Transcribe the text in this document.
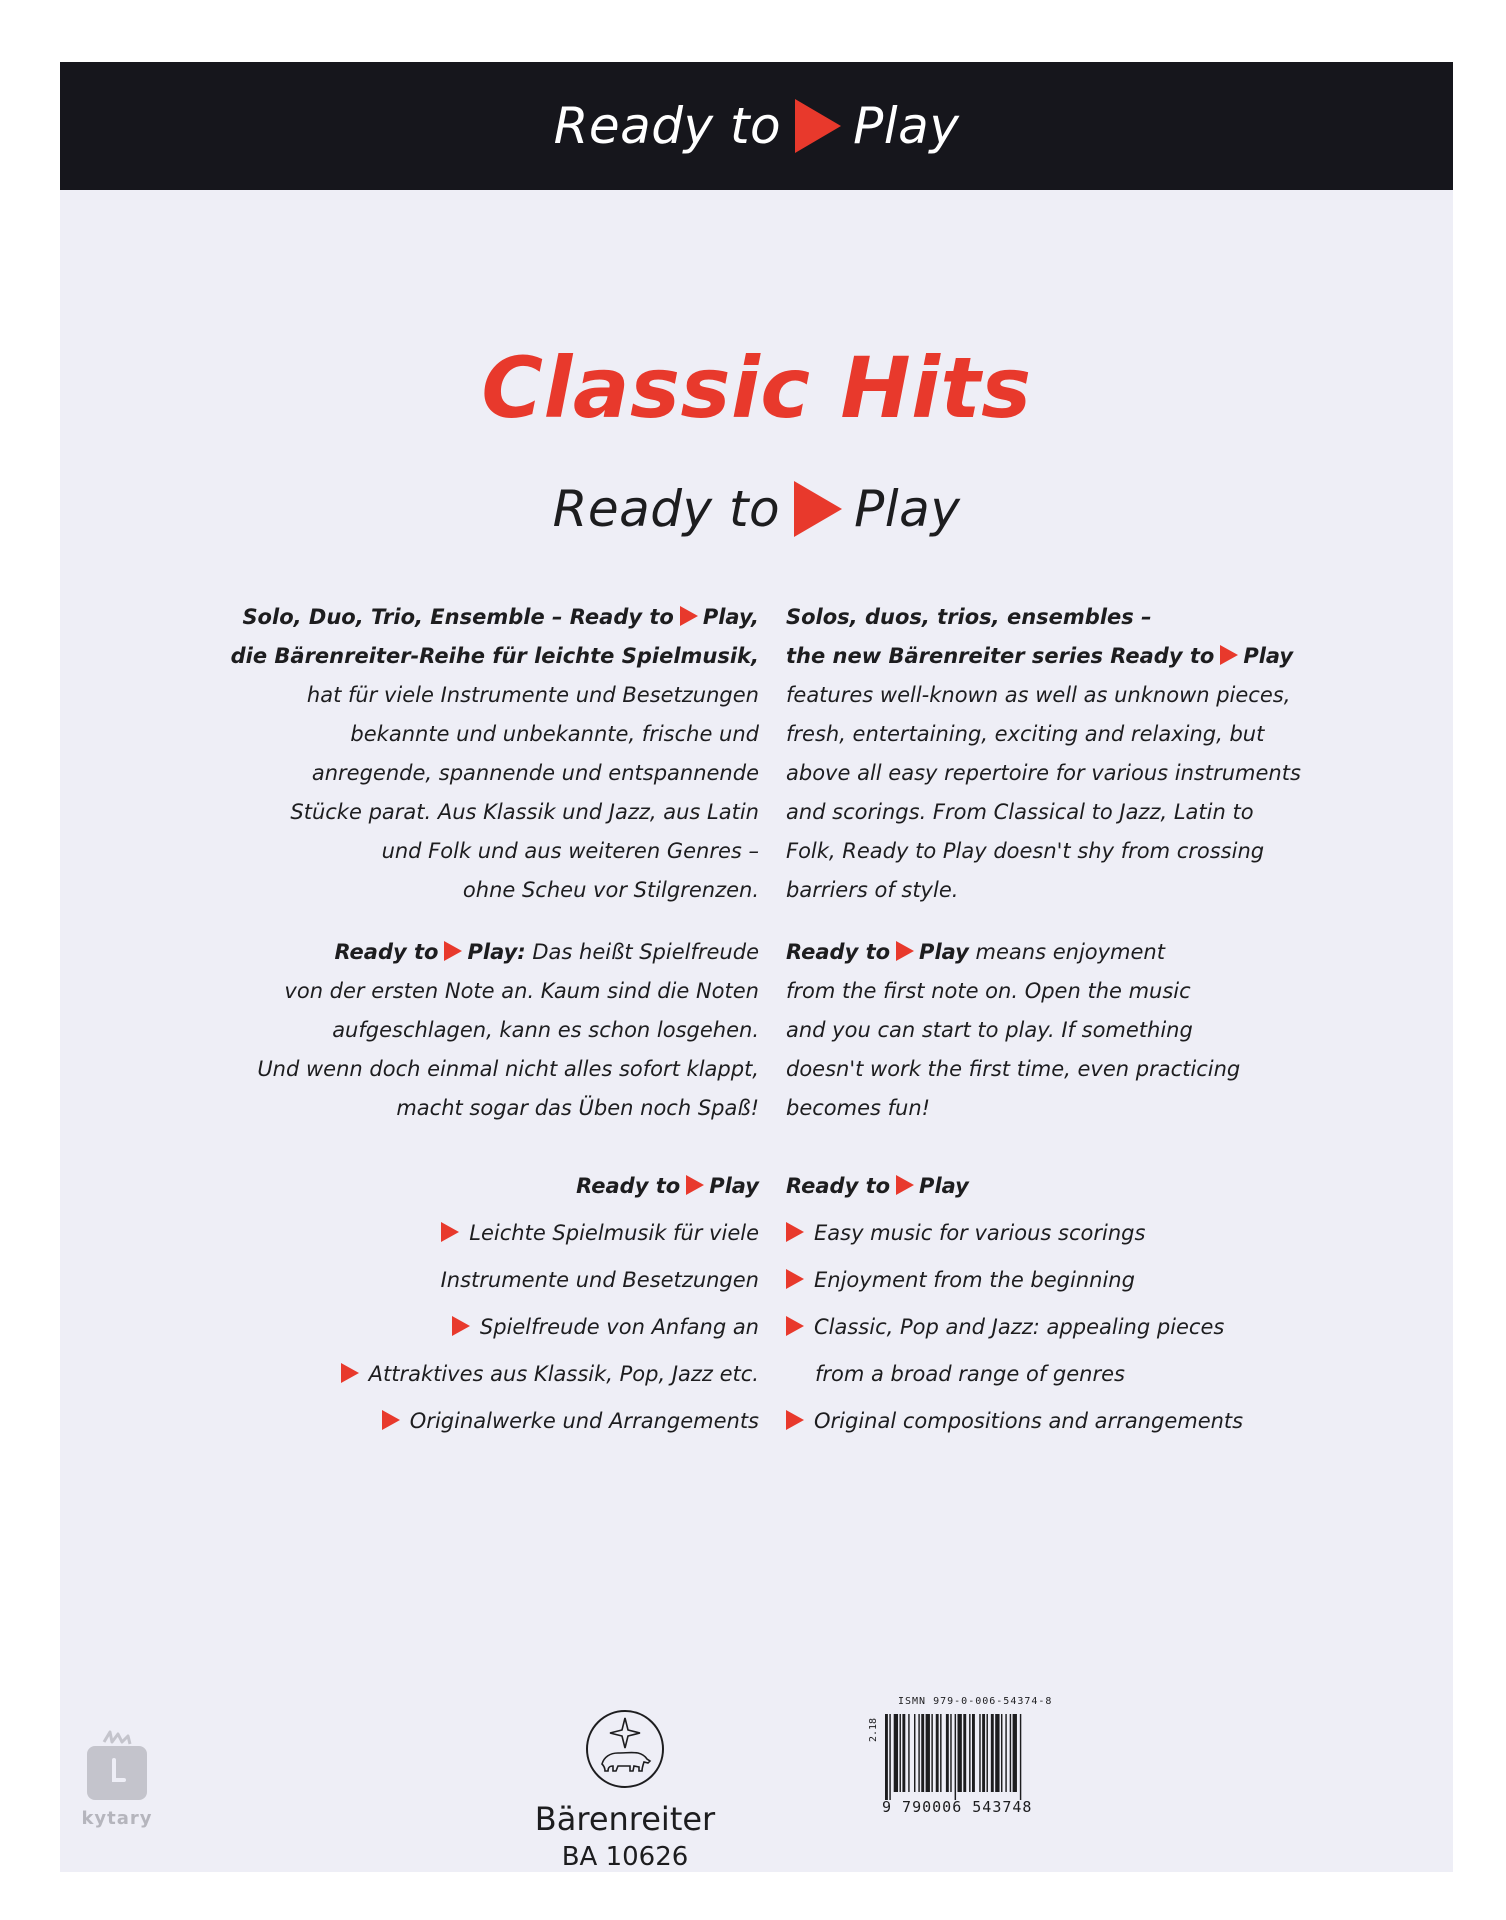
Ready to Play
Classic Hits
Ready to Play

Solo, Duo, Trio, Ensemble – Ready to Play,

die Bärenreiter-Reihe für leichte Spielmusik,

hat für viele Instrumente und Besetzungen

bekannte und unbekannte, frische und

anregende, spannende und entspannende

Stücke parat. Aus Klassik und Jazz, aus Latin

und Folk und aus weiteren Genres –

ohne Scheu vor Stilgrenzen.

Solos, duos, trios, ensembles –

the new Bärenreiter series Ready to Play

features well-known as well as unknown pieces,

fresh, entertaining, exciting and relaxing, but

above all easy repertoire for various instruments

and scorings. From Classical to Jazz, Latin to

Folk, Ready to Play doesn't shy from crossing

barriers of style.

Ready to Play: Das heißt Spielfreude

von der ersten Note an. Kaum sind die Noten

aufgeschlagen, kann es schon losgehen.

Und wenn doch einmal nicht alles sofort klappt,

macht sogar das Üben noch Spaß!

Ready to Play means enjoyment

from the first note on. Open the music

and you can start to play. If something

doesn't work the first time, even practicing

becomes fun!

Ready to Play

Leichte Spielmusik für viele

Instrumente und Besetzungen

Spielfreude von Anfang an

Attraktives aus Klassik, Pop, Jazz etc.

Originalwerke und Arrangements

Ready to Play

Easy music for various scorings

Enjoyment from the beginning

Classic, Pop and Jazz: appealing pieces

from a broad range of genres

Original compositions and arrangements

Bärenreiter
BA 10626
ISMN 979-0-006-54374-8
2.18
9 790006 543748
kytary
